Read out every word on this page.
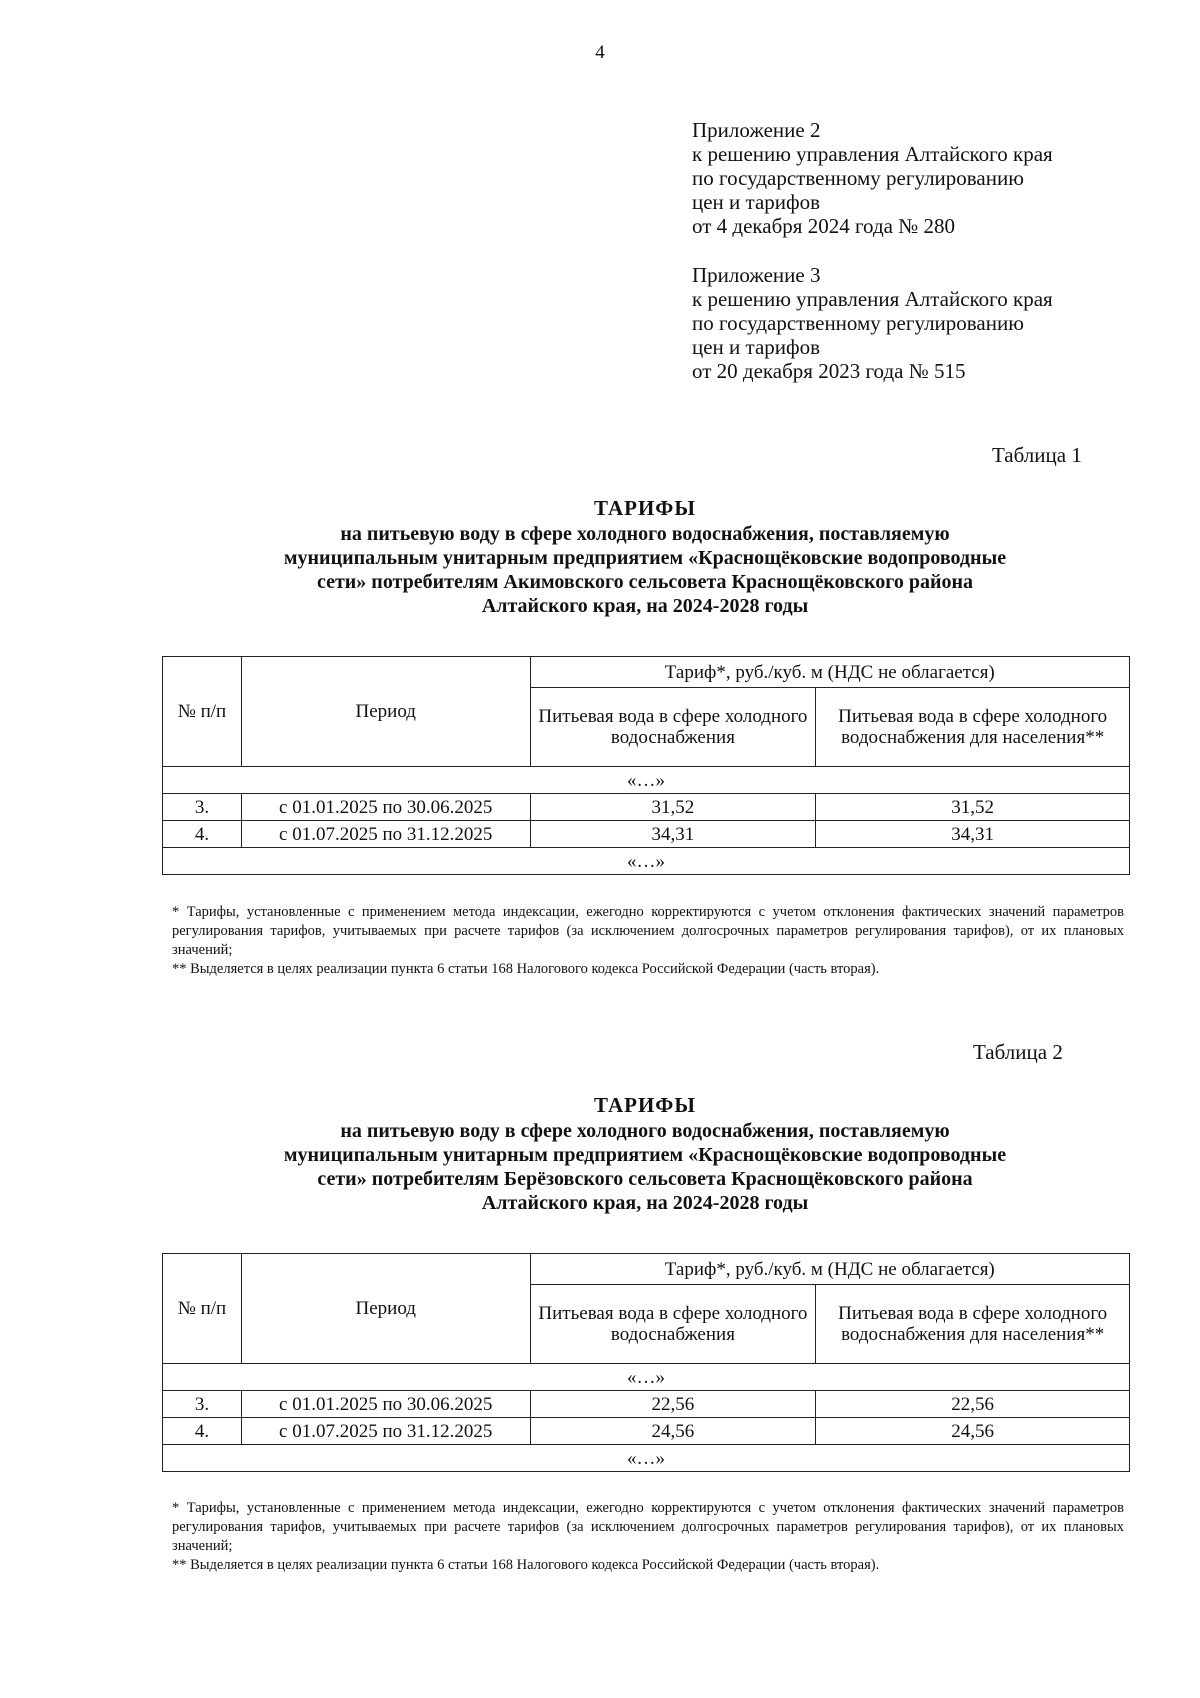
4
Приложение 2
к решению управления Алтайского края
по государственному регулированию
цен и тарифов
от 4 декабря 2024 года № 280
Приложение 3
к решению управления Алтайского края
по государственному регулированию
цен и тарифов
от 20 декабря 2023 года № 515
Таблица 1
ТАРИФЫ
на питьевую воду в сфере холодного водоснабжения, поставляемую
муниципальным унитарным предприятием «Краснощёковские водопроводные
сети» потребителям Акимовского сельсовета Краснощёковского района
Алтайского края, на 2024-2028 годы
№ п/п	Период	Тариф*, руб./куб. м (НДС не облагается)	
		Питьевая вода в сфере холодного водоснабжения	Питьевая вода в сфере холодного водоснабжения для населения**
«…»			
3.	с 01.01.2025 по 30.06.2025	31,52	31,52
4.	с 01.07.2025 по 31.12.2025	34,31	34,31
«…»			

* Тарифы, установленные с применением метода индексации, ежегодно корректируются с учетом отклонения фактических значений параметров регулирования тарифов, учитываемых при расчете тарифов (за исключением долгосрочных параметров регулирования тарифов), от их плановых значений;

** Выделяется в целях реализации пункта 6 статьи 168 Налогового кодекса Российской Федерации (часть вторая).

Таблица 2
ТАРИФЫ
на питьевую воду в сфере холодного водоснабжения, поставляемую
муниципальным унитарным предприятием «Краснощёковские водопроводные
сети» потребителям Берёзовского сельсовета Краснощёковского района
Алтайского края, на 2024-2028 годы
№ п/п	Период	Тариф*, руб./куб. м (НДС не облагается)	
		Питьевая вода в сфере холодного водоснабжения	Питьевая вода в сфере холодного водоснабжения для населения**
«…»			
3.	с 01.01.2025 по 30.06.2025	22,56	22,56
4.	с 01.07.2025 по 31.12.2025	24,56	24,56
«…»			

* Тарифы, установленные с применением метода индексации, ежегодно корректируются с учетом отклонения фактических значений параметров регулирования тарифов, учитываемых при расчете тарифов (за исключением долгосрочных параметров регулирования тарифов), от их плановых значений;

** Выделяется в целях реализации пункта 6 статьи 168 Налогового кодекса Российской Федерации (часть вторая).
